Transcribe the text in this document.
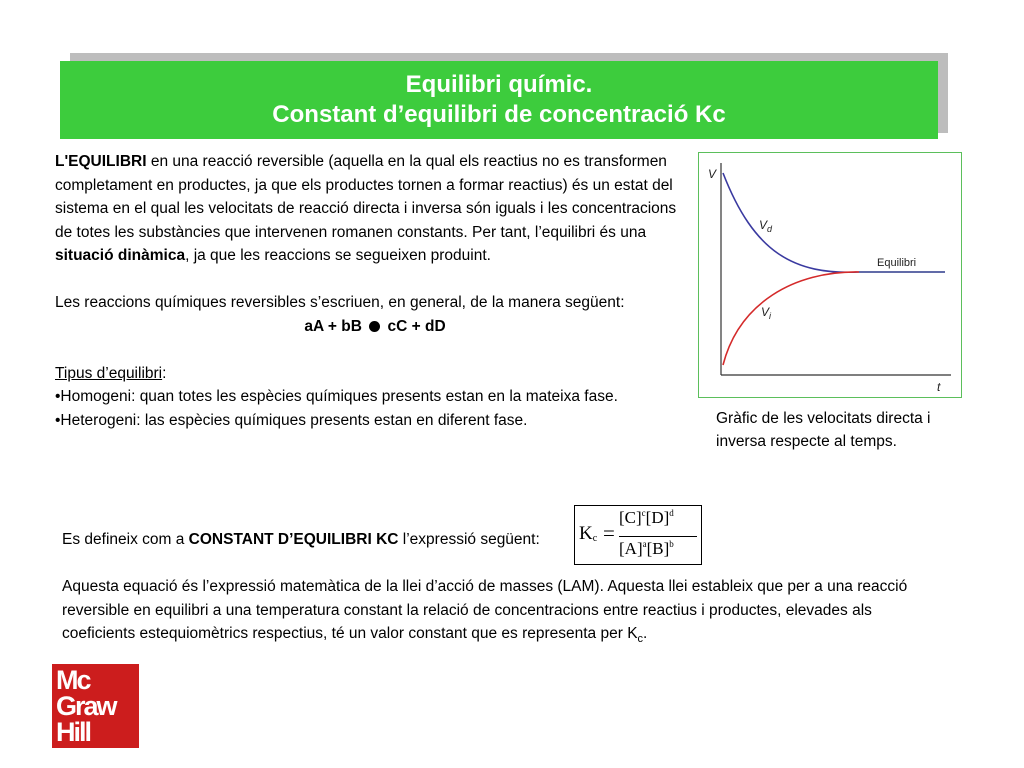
Equilibri químic.
Constant d’equilibri de concentració Kc

L'EQUILIBRI en una reacció reversible (aquella en la qual els reactius no es transformen completament en productes, ja que els productes tornen a formar reactius) és un estat del sistema en el qual les velocitats de reacció directa i inversa són iguals i les concentracions de totes les substàncies que intervenen romanen constants. Per tant, l’equilibri és una situació dinàmica, ja que les reaccions se segueixen produint.

Les reaccions químiques reversibles s’escriuen, en general, de la manera següent:

aA + bB cC + dD

Tipus d’equilibri:

•Homogeni: quan totes les espècies químiques presents estan en la mateixa fase.

•Heterogeni: las espècies químiques presents estan en diferent fase.

V
t
$V_d$
$V_i$
Equilibri
Gràfic de les velocitats directa i inversa respecte al temps.
Es defineix com a CONSTANT D’EQUILIBRI KC l’expressió següent: $K_c$ =
$[C]^c[D]^d$
$[A]^a[B]^b$

Aquesta equació és l’expressió matemàtica de la llei d’acció de masses (LAM). Aquesta llei estableix que per a una reacció reversible en equilibri a una temperatura constant la relació de concentracions entre reactius i productes, elevades als coeficients estequiomètrics respectius, té un valor constant que es representa per $K_c$.

Mc
Graw
Hill
